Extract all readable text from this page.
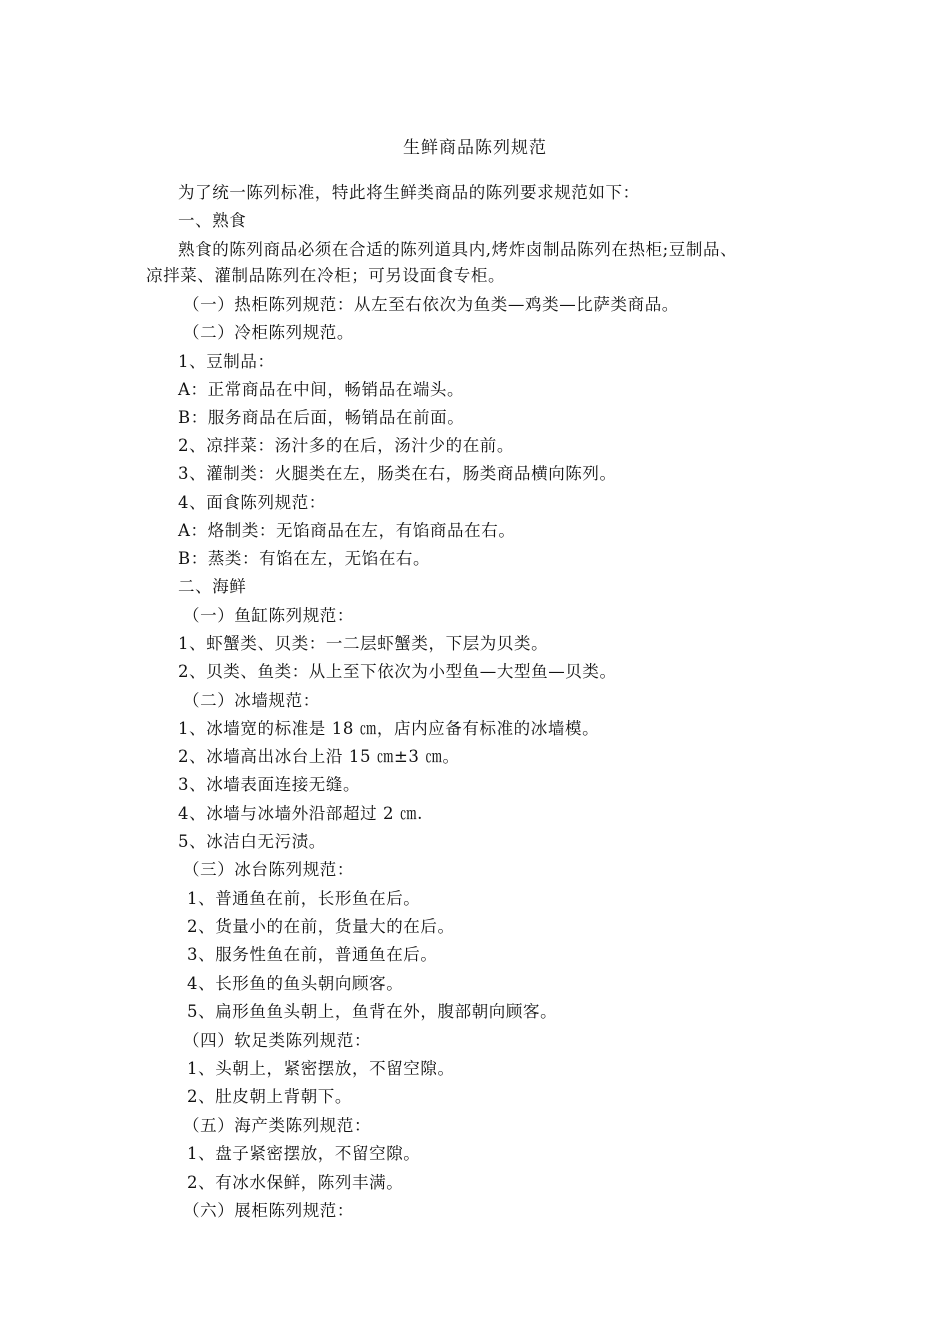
生鲜商品陈列规范
为了统一陈列标准，特此将生鲜类商品的陈列要求规范如下：
一、熟食
熟食的陈列商品必须在合适的陈列道具内,烤炸卤制品陈列在热柜;豆制品、
凉拌菜、灌制品陈列在冷柜；可另设面食专柜。
（一）热柜陈列规范：从左至右依次为鱼类—鸡类—比萨类商品。
（二）冷柜陈列规范。
1、豆制品：
A：正常商品在中间，畅销品在端头。
B：服务商品在后面，畅销品在前面。
2、凉拌菜：汤汁多的在后，汤汁少的在前。
3、灌制类：火腿类在左，肠类在右，肠类商品横向陈列。
4、面食陈列规范：
A：烙制类：无馅商品在左，有馅商品在右。
B：蒸类：有馅在左，无馅在右。
二、海鲜
（一）鱼缸陈列规范：
1、虾蟹类、贝类：一二层虾蟹类，下层为贝类。
2、贝类、鱼类：从上至下依次为小型鱼—大型鱼—贝类。
（二）冰墙规范：
1、冰墙宽的标准是 18 ㎝，店内应备有标准的冰墙模。
2、冰墙高出冰台上沿 15 ㎝±3 ㎝。
3、冰墙表面连接无缝。
4、冰墙与冰墙外沿部超过 2 ㎝.
5、冰洁白无污渍。
（三）冰台陈列规范：
1、普通鱼在前，长形鱼在后。
2、货量小的在前，货量大的在后。
3、服务性鱼在前，普通鱼在后。
4、长形鱼的鱼头朝向顾客。
5、扁形鱼鱼头朝上，鱼背在外，腹部朝向顾客。
（四）软足类陈列规范：
1、头朝上，紧密摆放，不留空隙。
2、肚皮朝上背朝下。
（五）海产类陈列规范：
1、盘子紧密摆放，不留空隙。
2、有冰水保鲜，陈列丰满。
（六）展柜陈列规范：
